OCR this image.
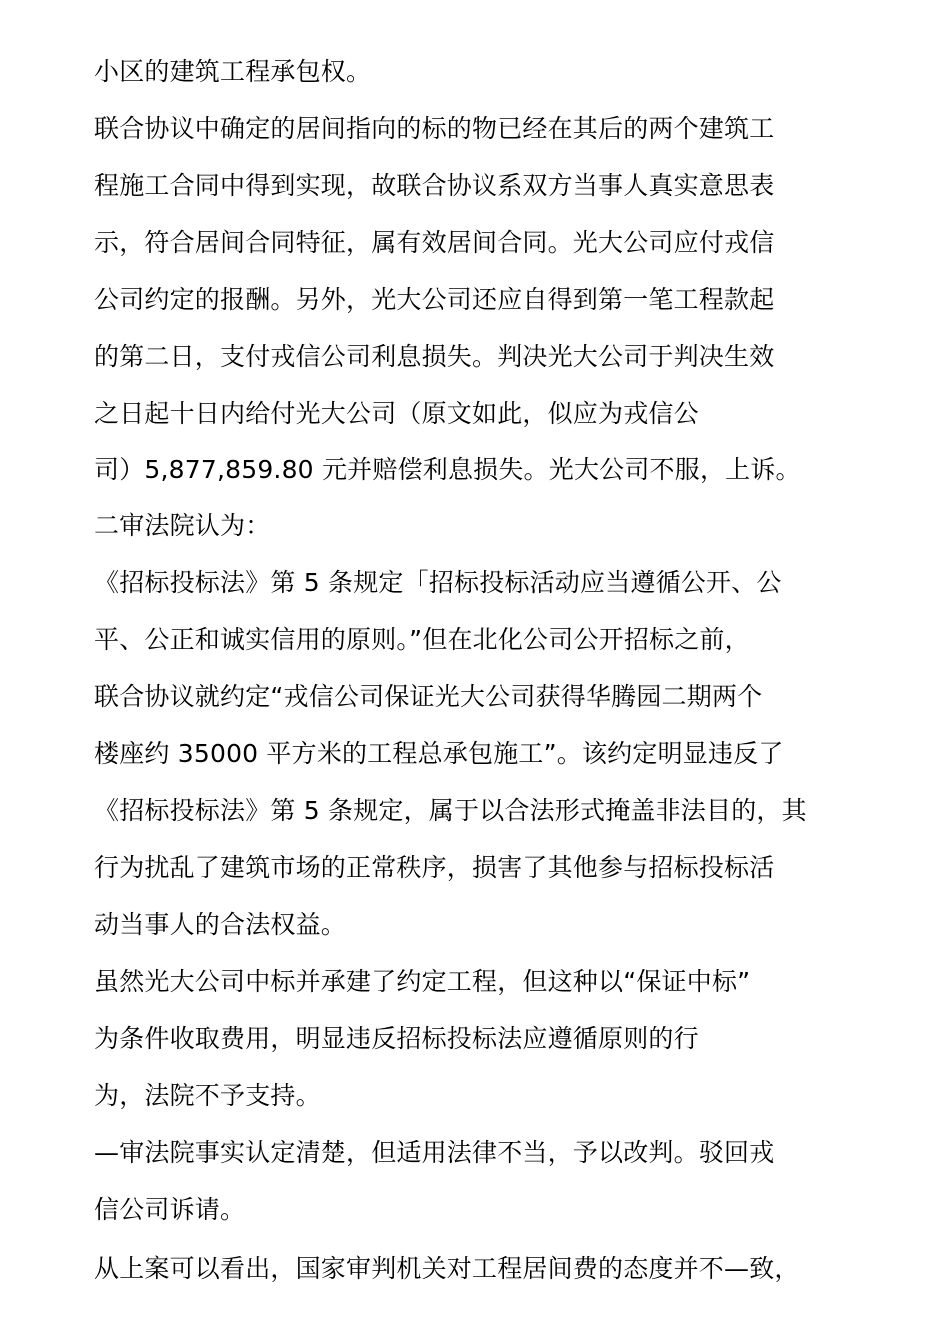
小区的建筑工程承包权。
联合协议中确定的居间指向的标的物已经在其后的两个建筑工
程施工合同中得到实现，故联合协议系双方当事人真实意思表
示，符合居间合同特征，属有效居间合同。光大公司应付戎信
公司约定的报酬。另外，光大公司还应自得到第一笔工程款起
的第二日，支付戎信公司利息损失。判决光大公司于判决生效
之日起十日内给付光大公司（原文如此，似应为戎信公
司）5,877,859.80 元并赔偿利息损失。光大公司不服，上诉。
二审法院认为：
《招标投标法》第 5 条规定「招标投标活动应当遵循公开、公
平、公正和诚实信用的原则。”但在北化公司公开招标之前，
联合协议就约定“戎信公司保证光大公司获得华腾园二期两个
楼座约 35000 平方米的工程总承包施工”。该约定明显违反了
《招标投标法》第 5 条规定，属于以合法形式掩盖非法目的，其
行为扰乱了建筑市场的正常秩序，损害了其他参与招标投标活
动当事人的合法权益。
虽然光大公司中标并承建了约定工程，但这种以“保证中标”
为条件收取费用，明显违反招标投标法应遵循原则的行
为，法院不予支持。
—审法院事实认定清楚，但适用法律不当，予以改判。驳回戎
信公司诉请。
从上案可以看出，国家审判机关对工程居间费的态度并不—致，
